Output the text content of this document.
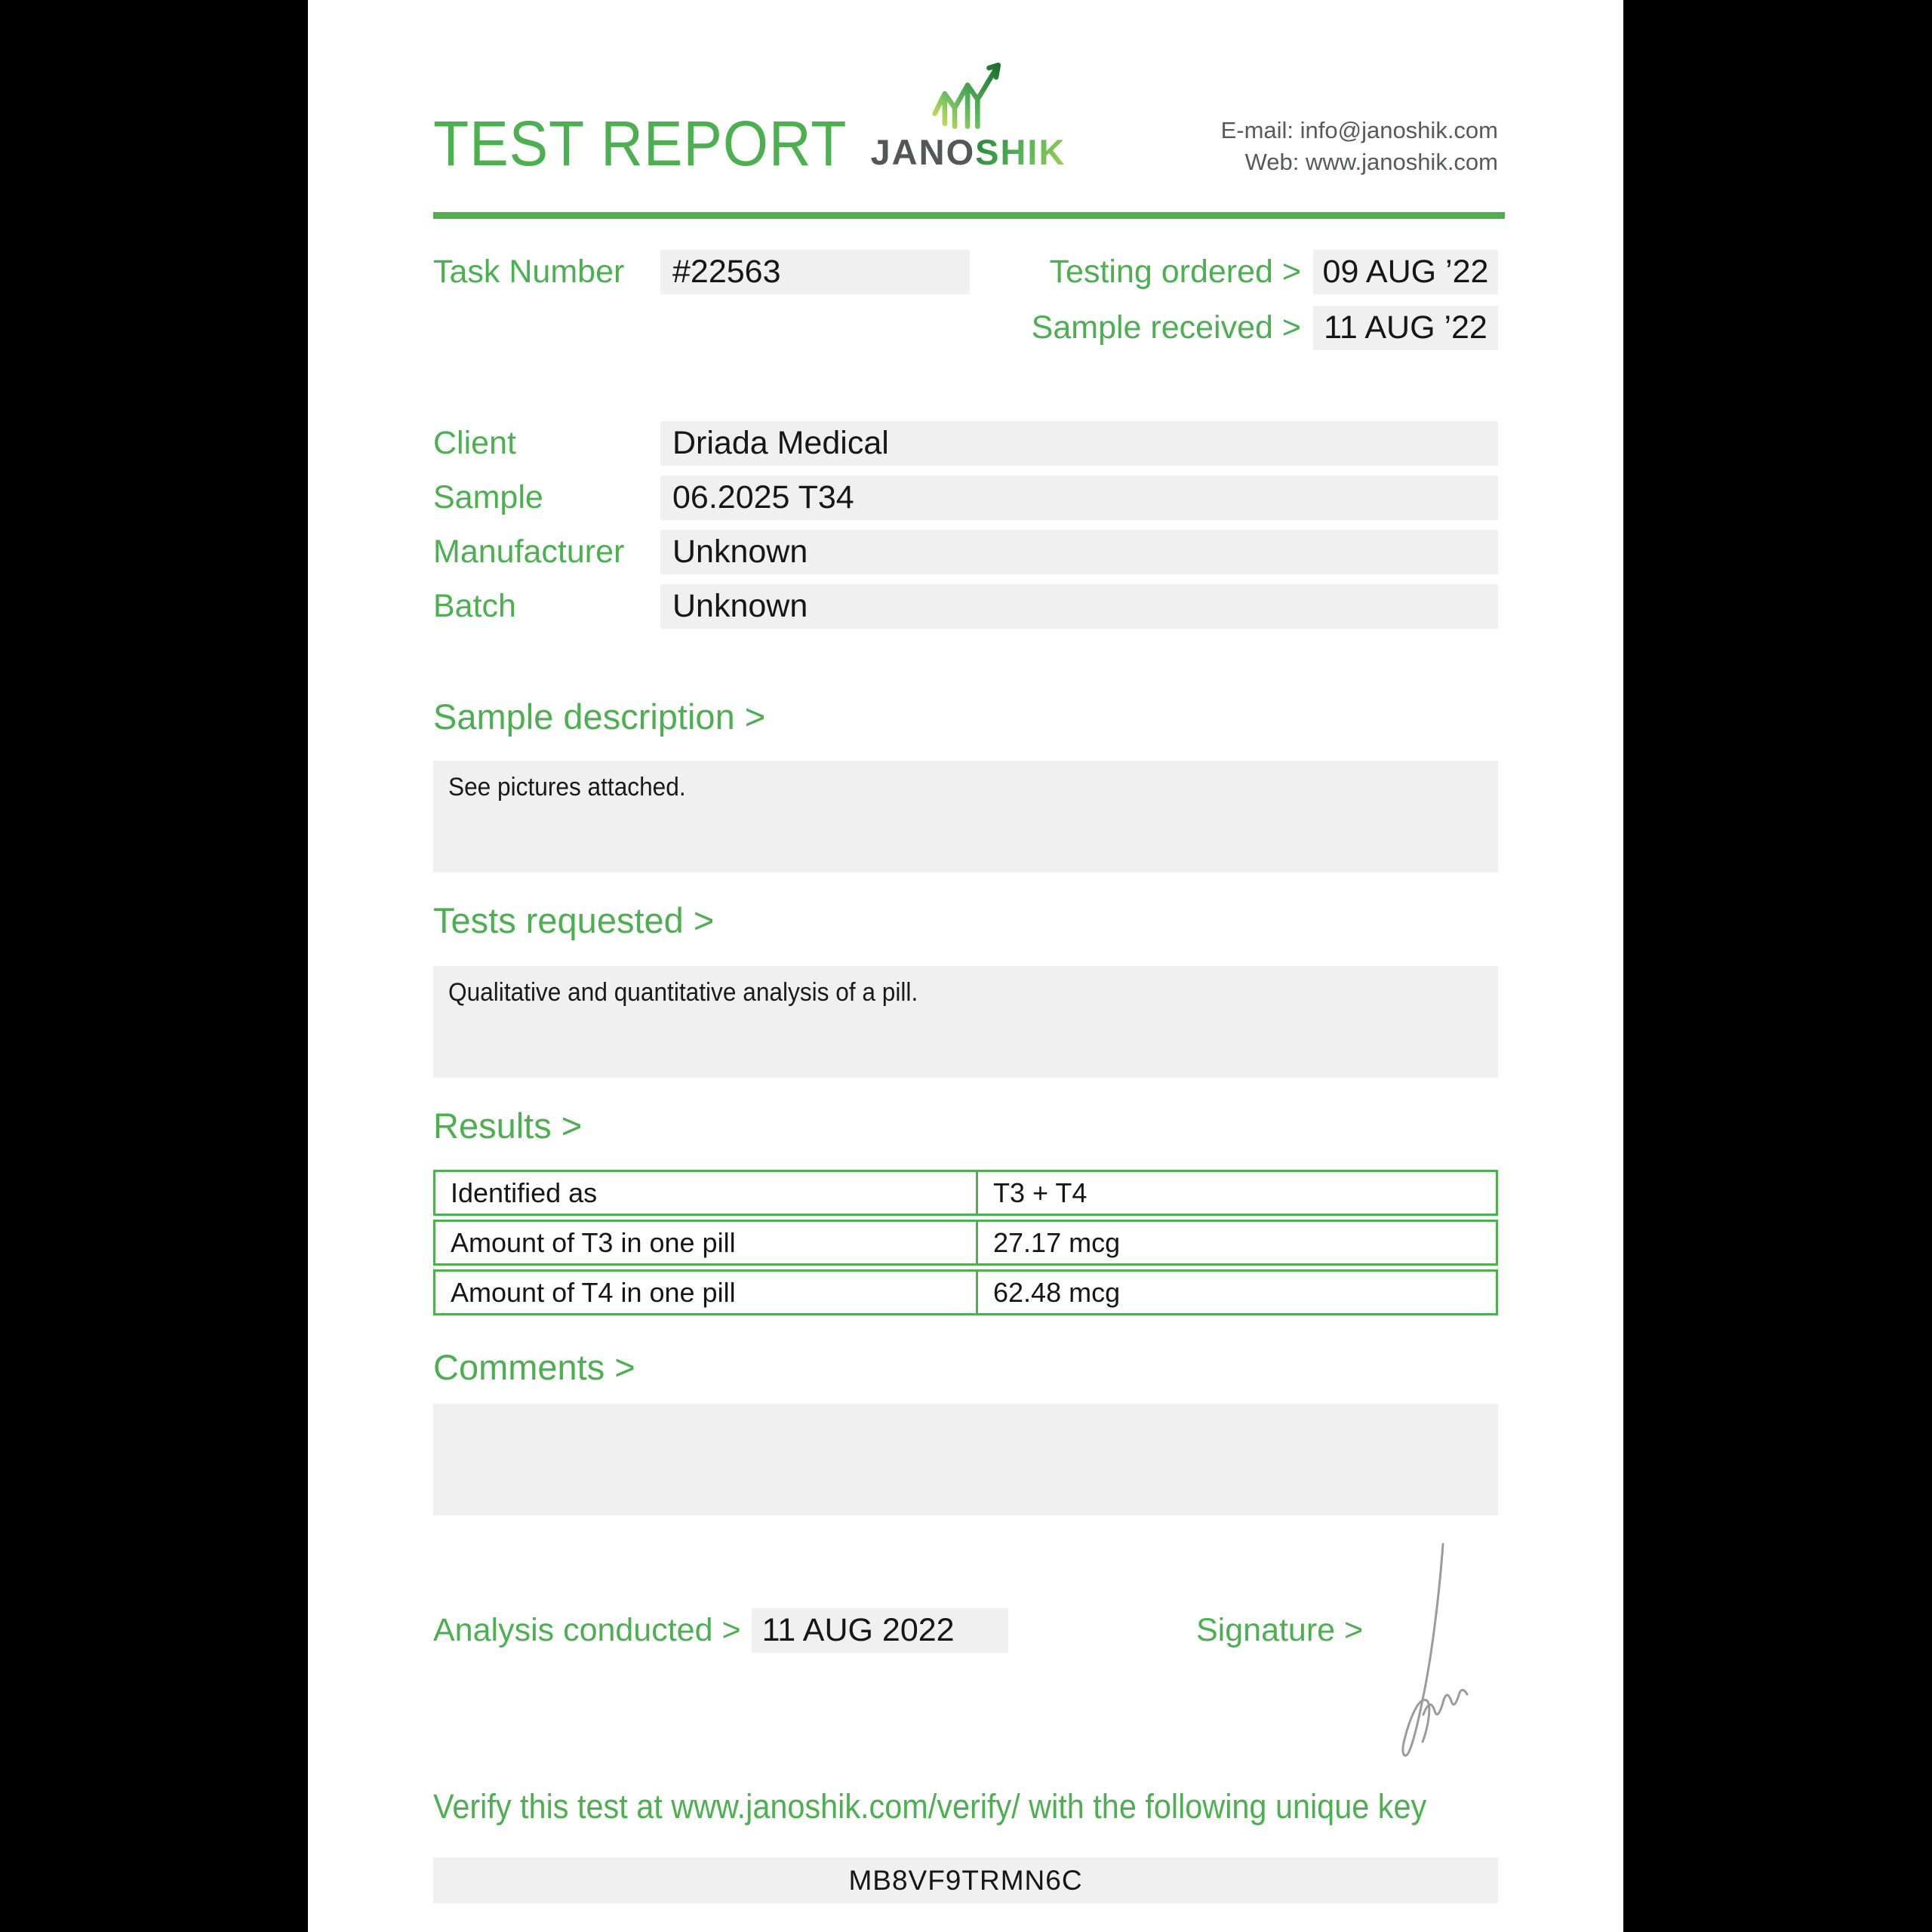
TEST REPORT JANOSHIK
E-mail: info@janoshik.com
Web: www.janoshik.com
Task Number	#22563	Testing ordered > 09 AUG ’22
Sample received > 11 AUG ’22
Client	Driada Medical
Sample	06.2025 T34
Manufacturer	Unknown
Batch	Unknown
Sample description >
See pictures attached.
Tests requested >
Qualitative and quantitative analysis of a pill.
Results >
Identified as	T3 + T4
Amount of T3 in one pill	27.17 mcg
Amount of T4 in one pill	62.48 mcg
Comments >
Analysis conducted > 11 AUG 2022	Signature >
Verify this test at www.janoshik.com/verify/ with the following unique key
MB8VF9TRMN6C
